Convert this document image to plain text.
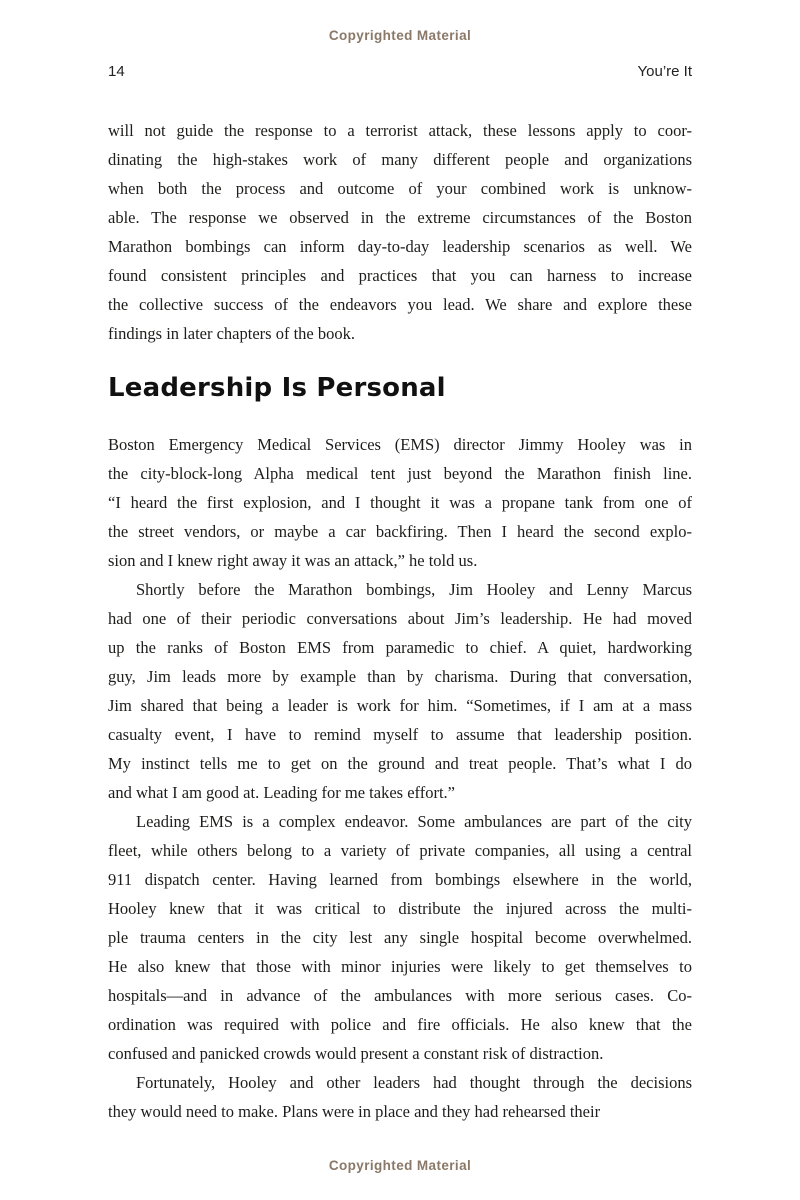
Copyrighted Material
14	You’re It

will not guide the response to a terrorist attack, these lessons apply to coor-
dinating the high-stakes work of many different people and organizations
when both the process and outcome of your combined work is unknow-
able. The response we observed in the extreme circumstances of the Boston
Marathon bombings can inform day-to-day leadership scenarios as well. We
found consistent principles and practices that you can harness to increase
the collective success of the endeavors you lead. We share and explore these
findings in later chapters of the book.

Leadership Is Personal

Boston Emergency Medical Services (EMS) director Jimmy Hooley was in
the city-block-long Alpha medical tent just beyond the Marathon finish line.
“I heard the first explosion, and I thought it was a propane tank from one of
the street vendors, or maybe a car backfiring. Then I heard the second explo-
sion and I knew right away it was an attack,” he told us.

Shortly before the Marathon bombings, Jim Hooley and Lenny Marcus
had one of their periodic conversations about Jim’s leadership. He had moved
up the ranks of Boston EMS from paramedic to chief. A quiet, hardworking
guy, Jim leads more by example than by charisma. During that conversation,
Jim shared that being a leader is work for him. “Sometimes, if I am at a mass
casualty event, I have to remind myself to assume that leadership position.
My instinct tells me to get on the ground and treat people. That’s what I do
and what I am good at. Leading for me takes effort.”

Leading EMS is a complex endeavor. Some ambulances are part of the city
fleet, while others belong to a variety of private companies, all using a central
911 dispatch center. Having learned from bombings elsewhere in the world,
Hooley knew that it was critical to distribute the injured across the multi-
ple trauma centers in the city lest any single hospital become overwhelmed.
He also knew that those with minor injuries were likely to get themselves to
hospitals—and in advance of the ambulances with more serious cases. Co-
ordination was required with police and fire officials. He also knew that the
confused and panicked crowds would present a constant risk of distraction.

Fortunately, Hooley and other leaders had thought through the decisions
they would need to make. Plans were in place and they had rehearsed their

Copyrighted Material
